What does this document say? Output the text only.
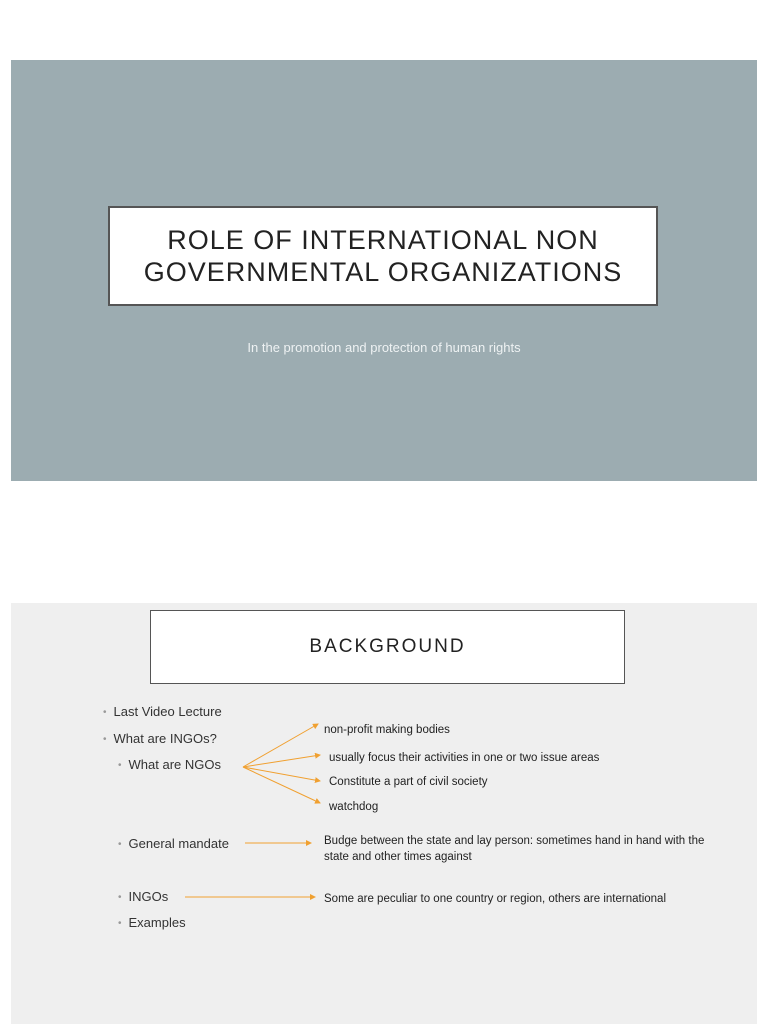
ROLE OF INTERNATIONAL NON
GOVERNMENTAL ORGANIZATIONS
In the promotion and protection of human rights
BACKGROUND
• Last Video Lecture
• What are INGOs?
• What are NGOs
• General mandate
• INGOs
• Examples
non-profit making bodies
usually focus their activities in one or two issue areas
Constitute a part of civil society
watchdog
Budge between the state and lay person: sometimes hand in hand with the state and other times against
Some are peculiar to one country or region, others are international
